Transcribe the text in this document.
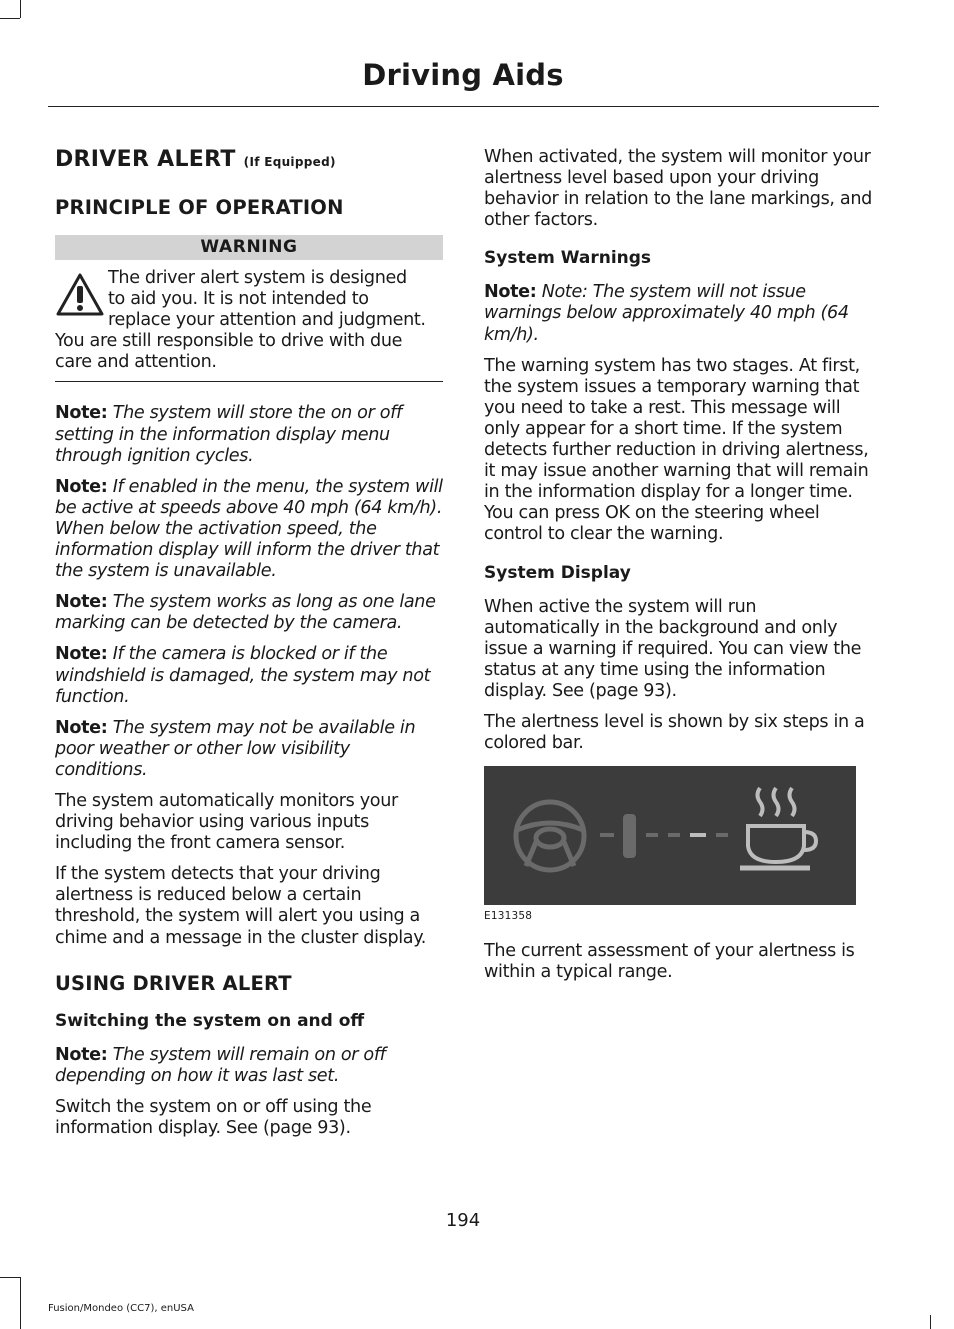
Driving Aids
DRIVER ALERT (If Equipped)
PRINCIPLE OF OPERATION
WARNING

The driver alert system is designed
to aid you. It is not intended to
replace your attention and judgment.
You are still responsible to drive with due care and attention.

Note: The system will store the on or off setting in the information display menu through ignition cycles.

Note: If enabled in the menu, the system will be active at speeds above 40 mph (64 km/h). When below the activation speed, the information display will inform the driver that the system is unavailable.

Note: The system works as long as one lane marking can be detected by the camera.

Note: If the camera is blocked or if the windshield is damaged, the system may not function.

Note: The system may not be available in poor weather or other low visibility conditions.

The system automatically monitors your driving behavior using various inputs including the front camera sensor.

If the system detects that your driving alertness is reduced below a certain threshold, the system will alert you using a chime and a message in the cluster display.

USING DRIVER ALERT
Switching the system on and off

Note: The system will remain on or off depending on how it was last set.

Switch the system on or off using the information display. See (page 93).

When activated, the system will monitor your alertness level based upon your driving behavior in relation to the lane markings, and other factors.

System Warnings

Note: Note: The system will not issue warnings below approximately 40 mph (64 km/h).

The warning system has two stages. At first, the system issues a temporary warning that you need to take a rest. This message will only appear for a short time. If the system detects further reduction in driving alertness, it may issue another warning that will remain in the information display for a longer time. You can press OK on the steering wheel control to clear the warning.

System Display

When active the system will run automatically in the background and only issue a warning if required. You can view the status at any time using the information display. See (page 93).

The alertness level is shown by six steps in a colored bar.

E131358

The current assessment of your alertness is within a typical range.

194
Fusion/Mondeo (CC7), enUSA
